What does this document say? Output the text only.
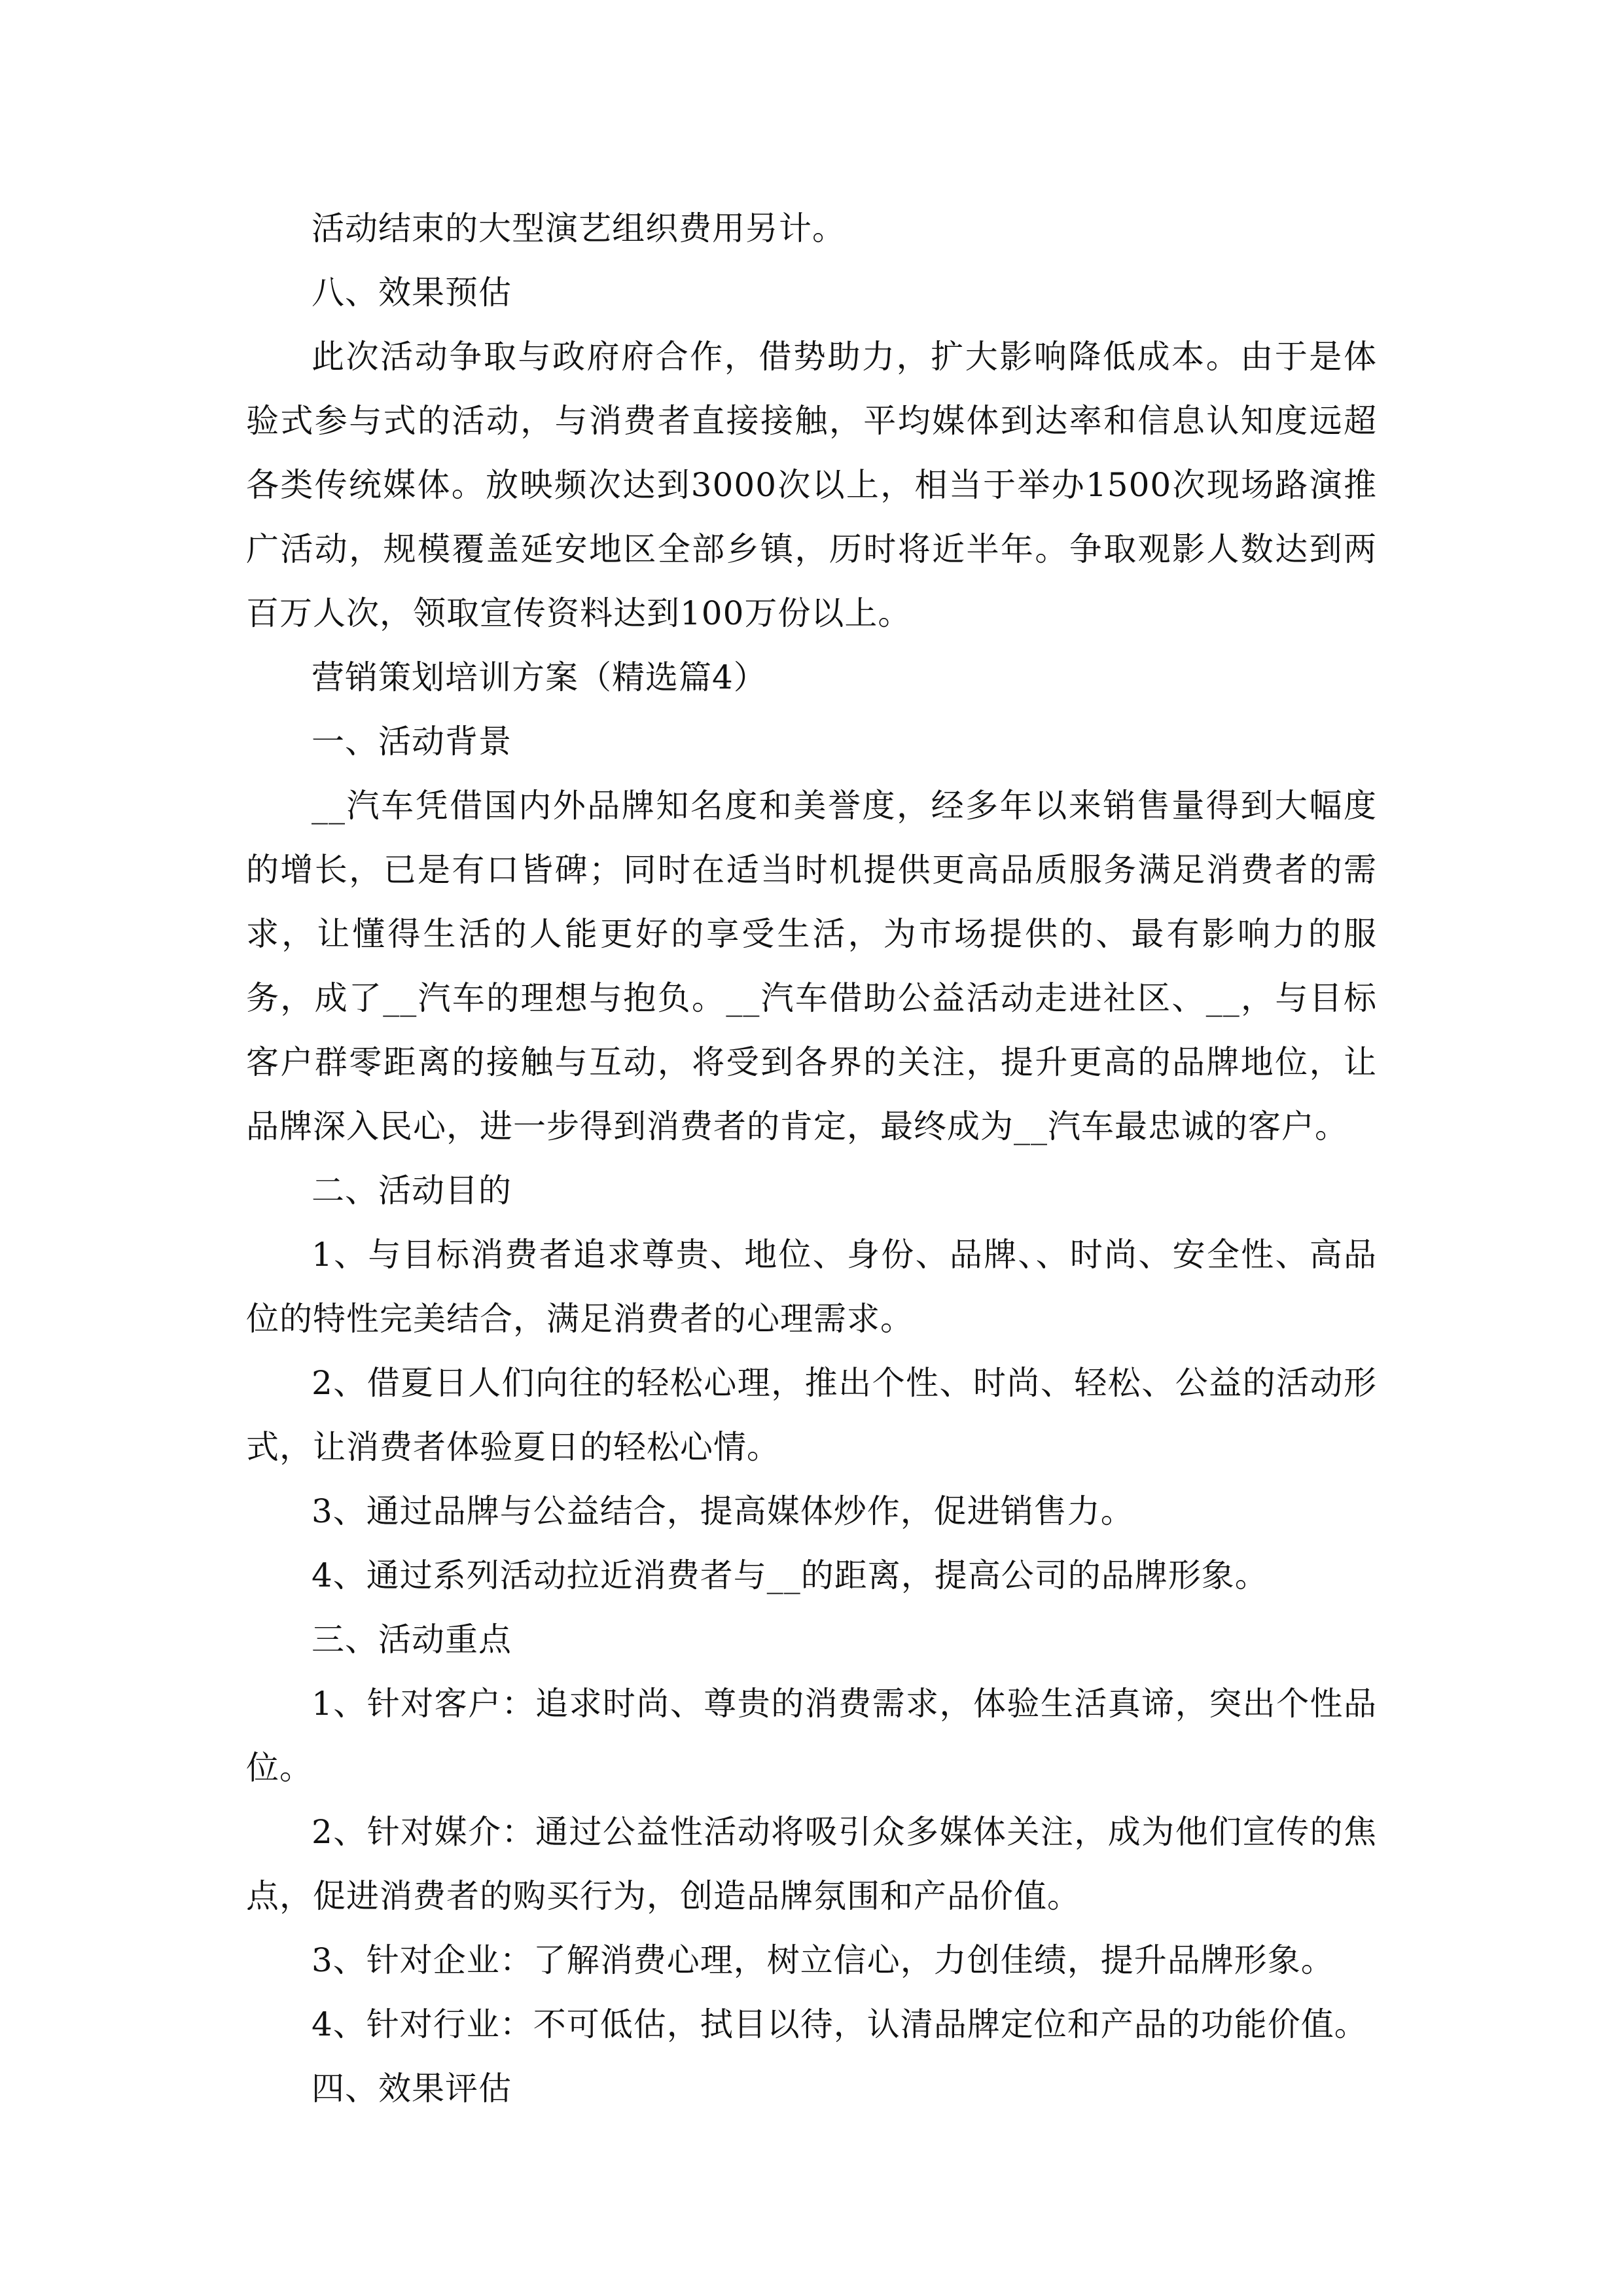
活动结束的大型演艺组织费用另计。

八、效果预估

此次活动争取与政府府合作，借势助力，扩大影响降低成本。由于是体验式参与式的活动，与消费者直接接触，平均媒体到达率和信息认知度远超各类传统媒体。放映频次达到3000次以上，相当于举办1500次现场路演推广活动，规模覆盖延安地区全部乡镇，历时将近半年。争取观影人数达到两百万人次，领取宣传资料达到100万份以上。

营销策划培训方案（精选篇4）

一、活动背景

__汽车凭借国内外品牌知名度和美誉度，经多年以来销售量得到大幅度的增长，已是有口皆碑；同时在适当时机提供更高品质服务满足消费者的需求，让懂得生活的人能更好的享受生活，为市场提供的、最有影响力的服务，成了__汽车的理想与抱负。__汽车借助公益活动走进社区、__，与目标客户群零距离的接触与互动，将受到各界的关注，提升更高的品牌地位，让品牌深入民心，进一步得到消费者的肯定，最终成为__汽车最忠诚的客户。

二、活动目的

1、与目标消费者追求尊贵、地位、身份、品牌、、时尚、安全性、高品位的特性完美结合，满足消费者的心理需求。

2、借夏日人们向往的轻松心理，推出个性、时尚、轻松、公益的活动形式，让消费者体验夏日的轻松心情。

3、通过品牌与公益结合，提高媒体炒作，促进销售力。

4、通过系列活动拉近消费者与__的距离，提高公司的品牌形象。

三、活动重点

1、针对客户：追求时尚、尊贵的消费需求，体验生活真谛，突出个性品位。

2、针对媒介：通过公益性活动将吸引众多媒体关注，成为他们宣传的焦点，促进消费者的购买行为，创造品牌氛围和产品价值。

3、针对企业：了解消费心理，树立信心，力创佳绩，提升品牌形象。

4、针对行业：不可低估，拭目以待，认清品牌定位和产品的功能价值。

四、效果评估
